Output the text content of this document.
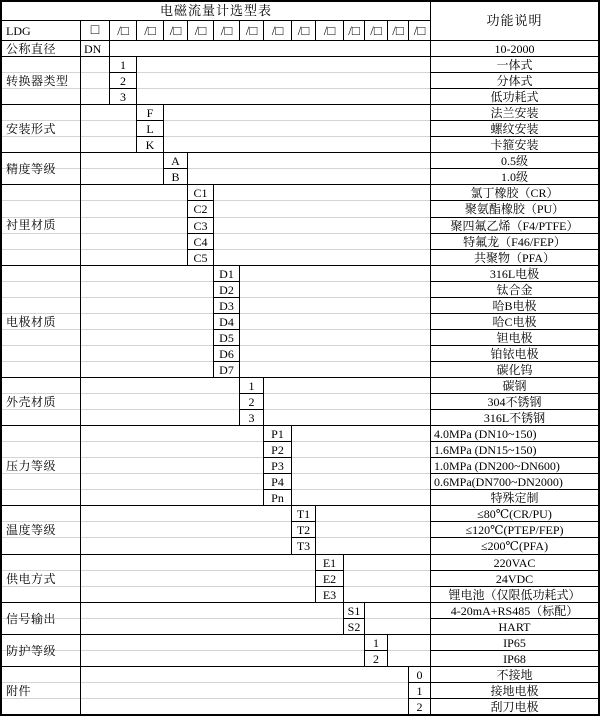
电磁流量计选型表
功能说明
LDG	□	/□	/□	/□	/□	/□	/□	/□	/□	/□	/□ /□ /□ /□
公称直径	DN	10-2000
转换器类型
1	一体式
2	分体式
3	低功耗式
安装形式
F	法兰安装
L	螺纹安装
K	卡箍安装
精度等级
A	0.5级
B	1.0级
衬里材质
C1	氯丁橡胶（CR）
C2	聚氨酯橡胶（PU）
C3	聚四氟乙烯（F4/PTFE）
C4	特氟龙（F46/FEP）
C5	共聚物（PFA）
电极材质
D1	316L电极
D2	钛合金
D3	哈B电极
D4	哈C电极
D5	钽电极
D6	铂铱电极
D7	碳化钨
外壳材质
1	碳钢
2	304不锈钢
3	316L不锈钢
压力等级
P1	4.0MPa (DN10~150)
P2	1.6MPa (DN15~150)
P3	1.0MPa (DN200~DN600)
P4	0.6MPa(DN700~DN2000)
Pn	特殊定制
温度等级
T1	≤80℃(CR/PU)
T2	≤120℃(PTEP/FEP)
T3	≤200℃(PFA)
供电方式
E1	220VAC
E2	24VDC
E3	锂电池（仅限低功耗式）
信号输出
S1	4-20mA+RS485（标配）
S2	HART
防护等级
1	IP65
2	IP68
附件
0	不接地
1	接地电极
2	刮刀电极
